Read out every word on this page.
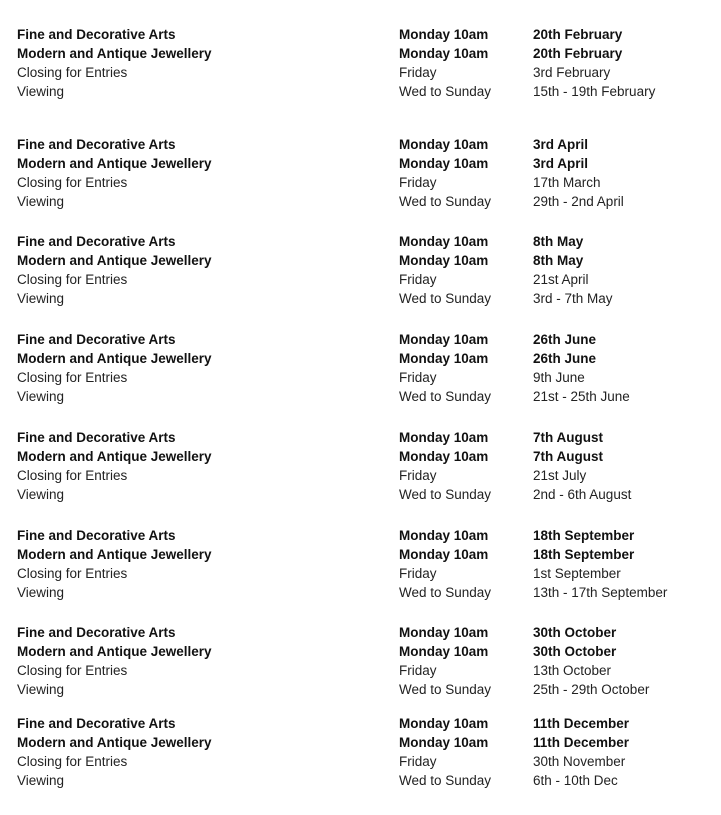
Fine and Decorative Arts	Monday 10am	20th February
Modern and Antique Jewellery	Monday 10am	20th February
Closing for Entries	Friday	3rd February
Viewing	Wed to Sunday	15th - 19th February
Fine and Decorative Arts	Monday 10am	3rd April
Modern and Antique Jewellery	Monday 10am	3rd April
Closing for Entries	Friday	17th March
Viewing	Wed to Sunday	29th - 2nd April
Fine and Decorative Arts	Monday 10am	8th May
Modern and Antique Jewellery	Monday 10am	8th May
Closing for Entries	Friday	21st April
Viewing	Wed to Sunday	3rd - 7th May
Fine and Decorative Arts	Monday 10am	26th June
Modern and Antique Jewellery	Monday 10am	26th June
Closing for Entries	Friday	9th June
Viewing	Wed to Sunday	21st - 25th June
Fine and Decorative Arts	Monday 10am	7th August
Modern and Antique Jewellery	Monday 10am	7th August
Closing for Entries	Friday	21st July
Viewing	Wed to Sunday	2nd - 6th August
Fine and Decorative Arts	Monday 10am	18th September
Modern and Antique Jewellery	Monday 10am	18th September
Closing for Entries	Friday	1st September
Viewing	Wed to Sunday	13th - 17th September
Fine and Decorative Arts	Monday 10am	30th October
Modern and Antique Jewellery	Monday 10am	30th October
Closing for Entries	Friday	13th October
Viewing	Wed to Sunday	25th - 29th October
Fine and Decorative Arts	Monday 10am	11th December
Modern and Antique Jewellery	Monday 10am	11th December
Closing for Entries	Friday	30th November
Viewing	Wed to Sunday	6th - 10th Dec
